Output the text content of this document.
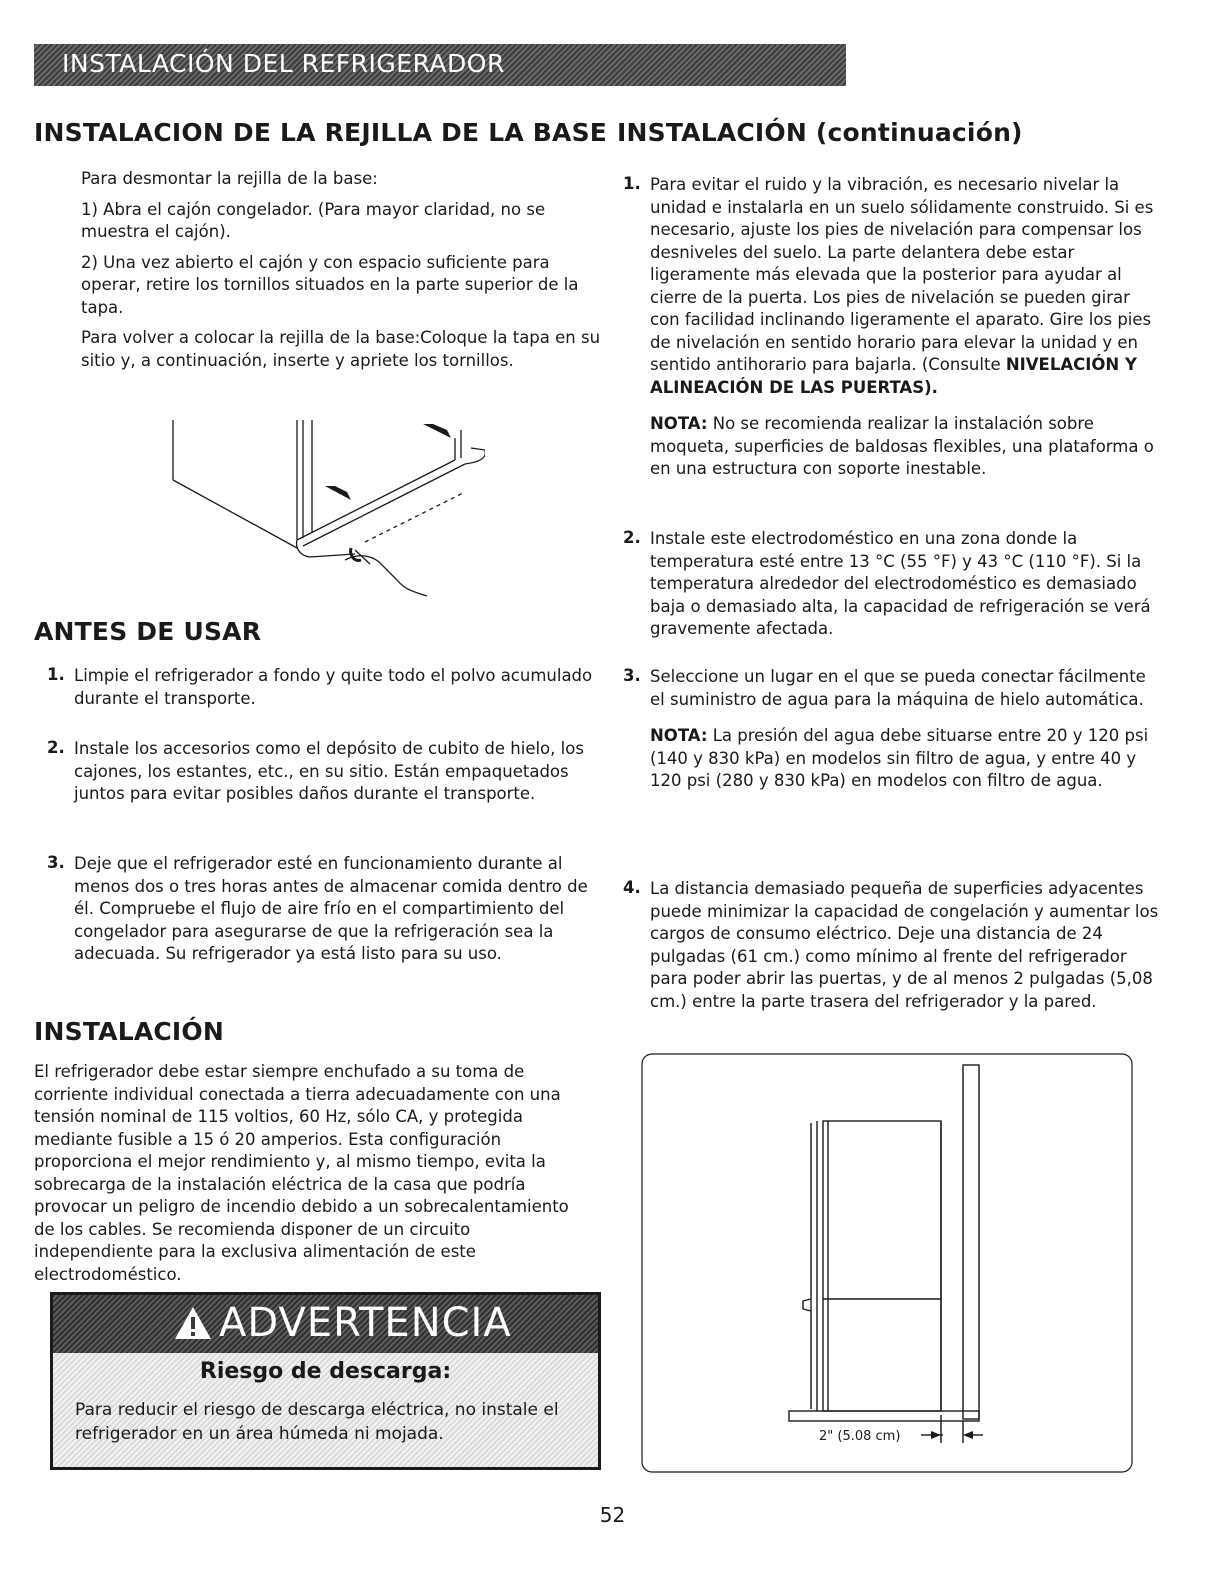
INSTALACIÓN DEL REFRIGERADOR
INSTALACION DE LA REJILLA DE LA BASE

Para desmontar la rejilla de la base:

1) Abra el cajón congelador. (Para mayor claridad, no se muestra el cajón).

2) Una vez abierto el cajón y con espacio suficiente para operar, retire los tornillos situados en la parte superior de la tapa.

Para volver a colocar la rejilla de la base:Coloque la tapa en su sitio y, a continuación, inserte y apriete los tornillos.

ANTES DE USAR
1. Limpie el refrigerador a fondo y quite todo el polvo acumulado durante el transporte.

2. Instale los accesorios como el depósito de cubito de hielo, los cajones, los estantes, etc., en su sitio. Están empaquetados juntos para evitar posibles daños durante el transporte.

3. Deje que el refrigerador esté en funcionamiento durante al menos dos o tres horas antes de almacenar comida dentro de él. Compruebe el flujo de aire frío en el compartimiento del congelador para asegurarse de que la refrigeración sea la adecuada. Su refrigerador ya está listo para su uso.

INSTALACIÓN

El refrigerador debe estar siempre enchufado a su toma de corriente individual conectada a tierra adecuadamente con una tensión nominal de 115 voltios, 60 Hz, sólo CA, y protegida mediante fusible a 15 ó 20 amperios. Esta configuración proporciona el mejor rendimiento y, al mismo tiempo, evita la sobrecarga de la instalación eléctrica de la casa que podría provocar un peligro de incendio debido a un sobrecalentamiento de los cables. Se recomienda disponer de un circuito independiente para la exclusiva alimentación de este electrodoméstico.

ADVERTENCIA
Riesgo de descarga:
Para reducir el riesgo de descarga eléctrica, no instale el refrigerador en un área húmeda ni mojada.
INSTALACIÓN (continuación)
1. Para evitar el ruido y la vibración, es necesario nivelar la unidad e instalarla en un suelo sólidamente construido. Si es necesario, ajuste los pies de nivelación para compensar los desniveles del suelo. La parte delantera debe estar ligeramente más elevada que la posterior para ayudar al cierre de la puerta. Los pies de nivelación se pueden girar con facilidad inclinando ligeramente el aparato. Gire los pies de nivelación en sentido horario para elevar la unidad y en sentido antihorario para bajarla. (Consulte NIVELACIÓN Y ALINEACIÓN DE LAS PUERTAS).

NOTA: No se recomienda realizar la instalación sobre moqueta, superficies de baldosas flexibles, una plataforma o en una estructura con soporte inestable.

2. Instale este electrodoméstico en una zona donde la temperatura esté entre 13 °C (55 °F) y 43 °C (110 °F). Si la temperatura alrededor del electrodoméstico es demasiado baja o demasiado alta, la capacidad de refrigeración se verá gravemente afectada.

3. Seleccione un lugar en el que se pueda conectar fácilmente el suministro de agua para la máquina de hielo automática.

NOTA: La presión del agua debe situarse entre 20 y 120 psi (140 y 830 kPa) en modelos sin filtro de agua, y entre 40 y 120 psi (280 y 830 kPa) en modelos con filtro de agua.

4. La distancia demasiado pequeña de superficies adyacentes puede minimizar la capacidad de congelación y aumentar los cargos de consumo eléctrico. Deje una distancia de 24 pulgadas (61 cm.) como mínimo al frente del refrigerador para poder abrir las puertas, y de al menos 2 pulgadas (5,08 cm.) entre la parte trasera del refrigerador y la pared.

2" (5.08 cm)
52
